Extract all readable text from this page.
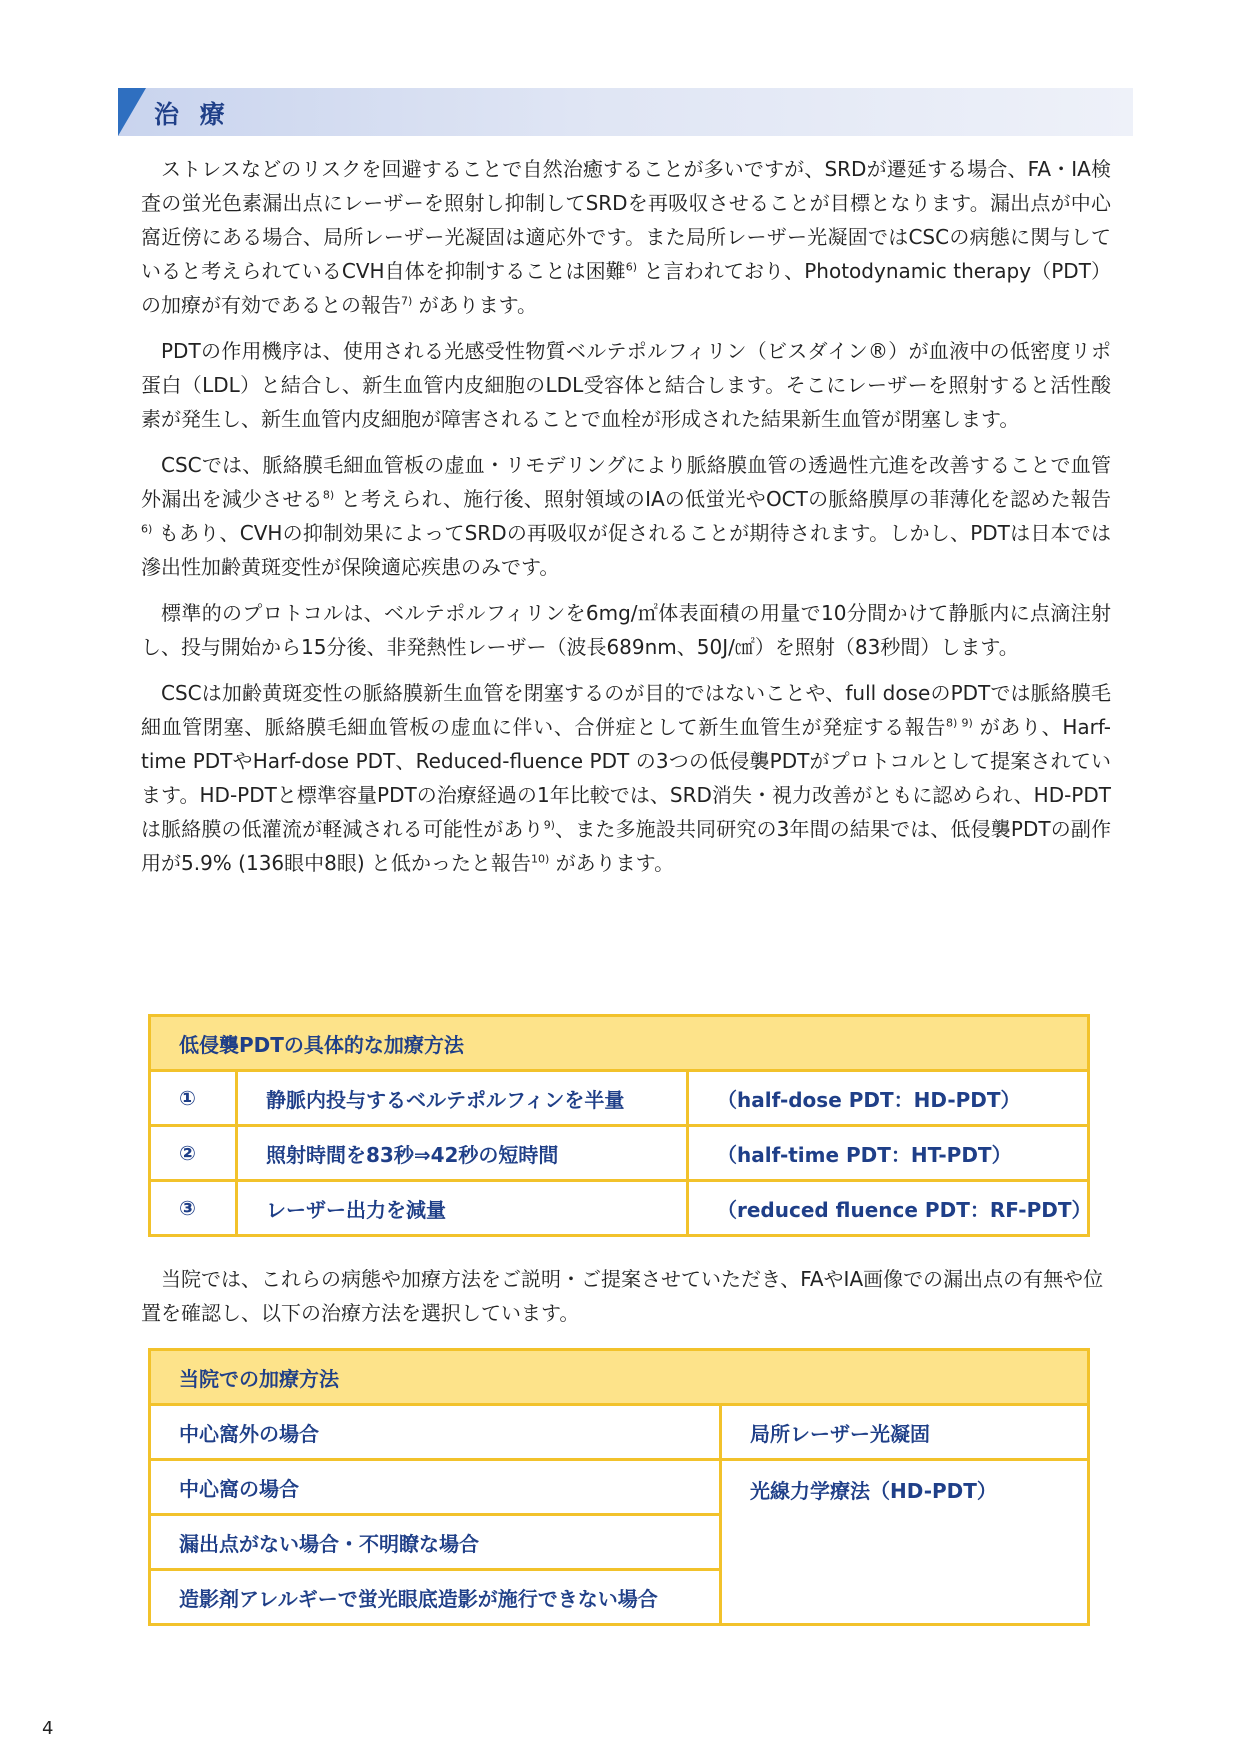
治 療

ストレスなどのリスクを回避することで自然治癒することが多いですが、SRDが遷延する場合、FA・IA検査の蛍光色素漏出点にレーザーを照射し抑制してSRDを再吸収させることが目標となります。漏出点が中心窩近傍にある場合、局所レーザー光凝固は適応外です。また局所レーザー光凝固ではCSCの病態に関与していると考えられているCVH自体を抑制することは困難$^{6)}$ と言われており、Photodynamic therapy（PDT）の加療が有効であるとの報告$^{7)}$ があります。

PDTの作用機序は、使用される光感受性物質ベルテポルフィリン（ビスダイン®）が血液中の低密度リポ蛋白（LDL）と結合し、新生血管内皮細胞のLDL受容体と結合します。そこにレーザーを照射すると活性酸素が発生し、新生血管内皮細胞が障害されることで血栓が形成された結果新生血管が閉塞します。

CSCでは、脈絡膜毛細血管板の虚血・リモデリングにより脈絡膜血管の透過性亢進を改善することで血管外漏出を減少させる$^{8)}$ と考えられ、施行後、照射領域のIAの低蛍光やOCTの脈絡膜厚の菲薄化を認めた報告$^{6)}$ もあり、CVHの抑制効果によってSRDの再吸収が促されることが期待されます。しかし、PDTは日本では滲出性加齢黄斑変性が保険適応疾患のみです。

標準的のプロトコルは、ベルテポルフィリンを6mg/㎡体表面積の用量で10分間かけて静脈内に点滴注射し、投与開始から15分後、非発熱性レーザー（波長689nm、50J/㎠）を照射（83秒間）します。

CSCは加齢黄斑変性の脈絡膜新生血管を閉塞するのが目的ではないことや、full doseのPDTでは脈絡膜毛細血管閉塞、脈絡膜毛細血管板の虚血に伴い、合併症として新生血管生が発症する報告$^{8) 9)}$ があり、Harf-time PDTやHarf-dose PDT、Reduced-fluence PDT の3つの低侵襲PDTがプロトコルとして提案されています。HD-PDTと標準容量PDTの治療経過の1年比較では、SRD消失・視力改善がともに認められ、HD-PDTは脈絡膜の低灌流が軽減される可能性があり$^{9)}$、また多施設共同研究の3年間の結果では、低侵襲PDTの副作用が5.9% (136眼中8眼) と低かったと報告$^{10)}$ があります。

低侵襲PDTの具体的な加療方法		
①	静脈内投与するベルテポルフィンを半量	（half-dose PDT：HD-PDT）
②	照射時間を83秒⇒42秒の短時間	（half-time PDT：HT-PDT）
③	レーザー出力を減量	（reduced fluence PDT：RF-PDT）

当院では、これらの病態や加療方法をご説明・ご提案させていただき、FAやIA画像での漏出点の有無や位置を確認し、以下の治療方法を選択しています。

当院での加療方法	
中心窩外の場合	局所レーザー光凝固
中心窩の場合	光線力学療法（HD-PDT）
漏出点がない場合・不明瞭な場合	
造影剤アレルギーで蛍光眼底造影が施行できない場合	
4
